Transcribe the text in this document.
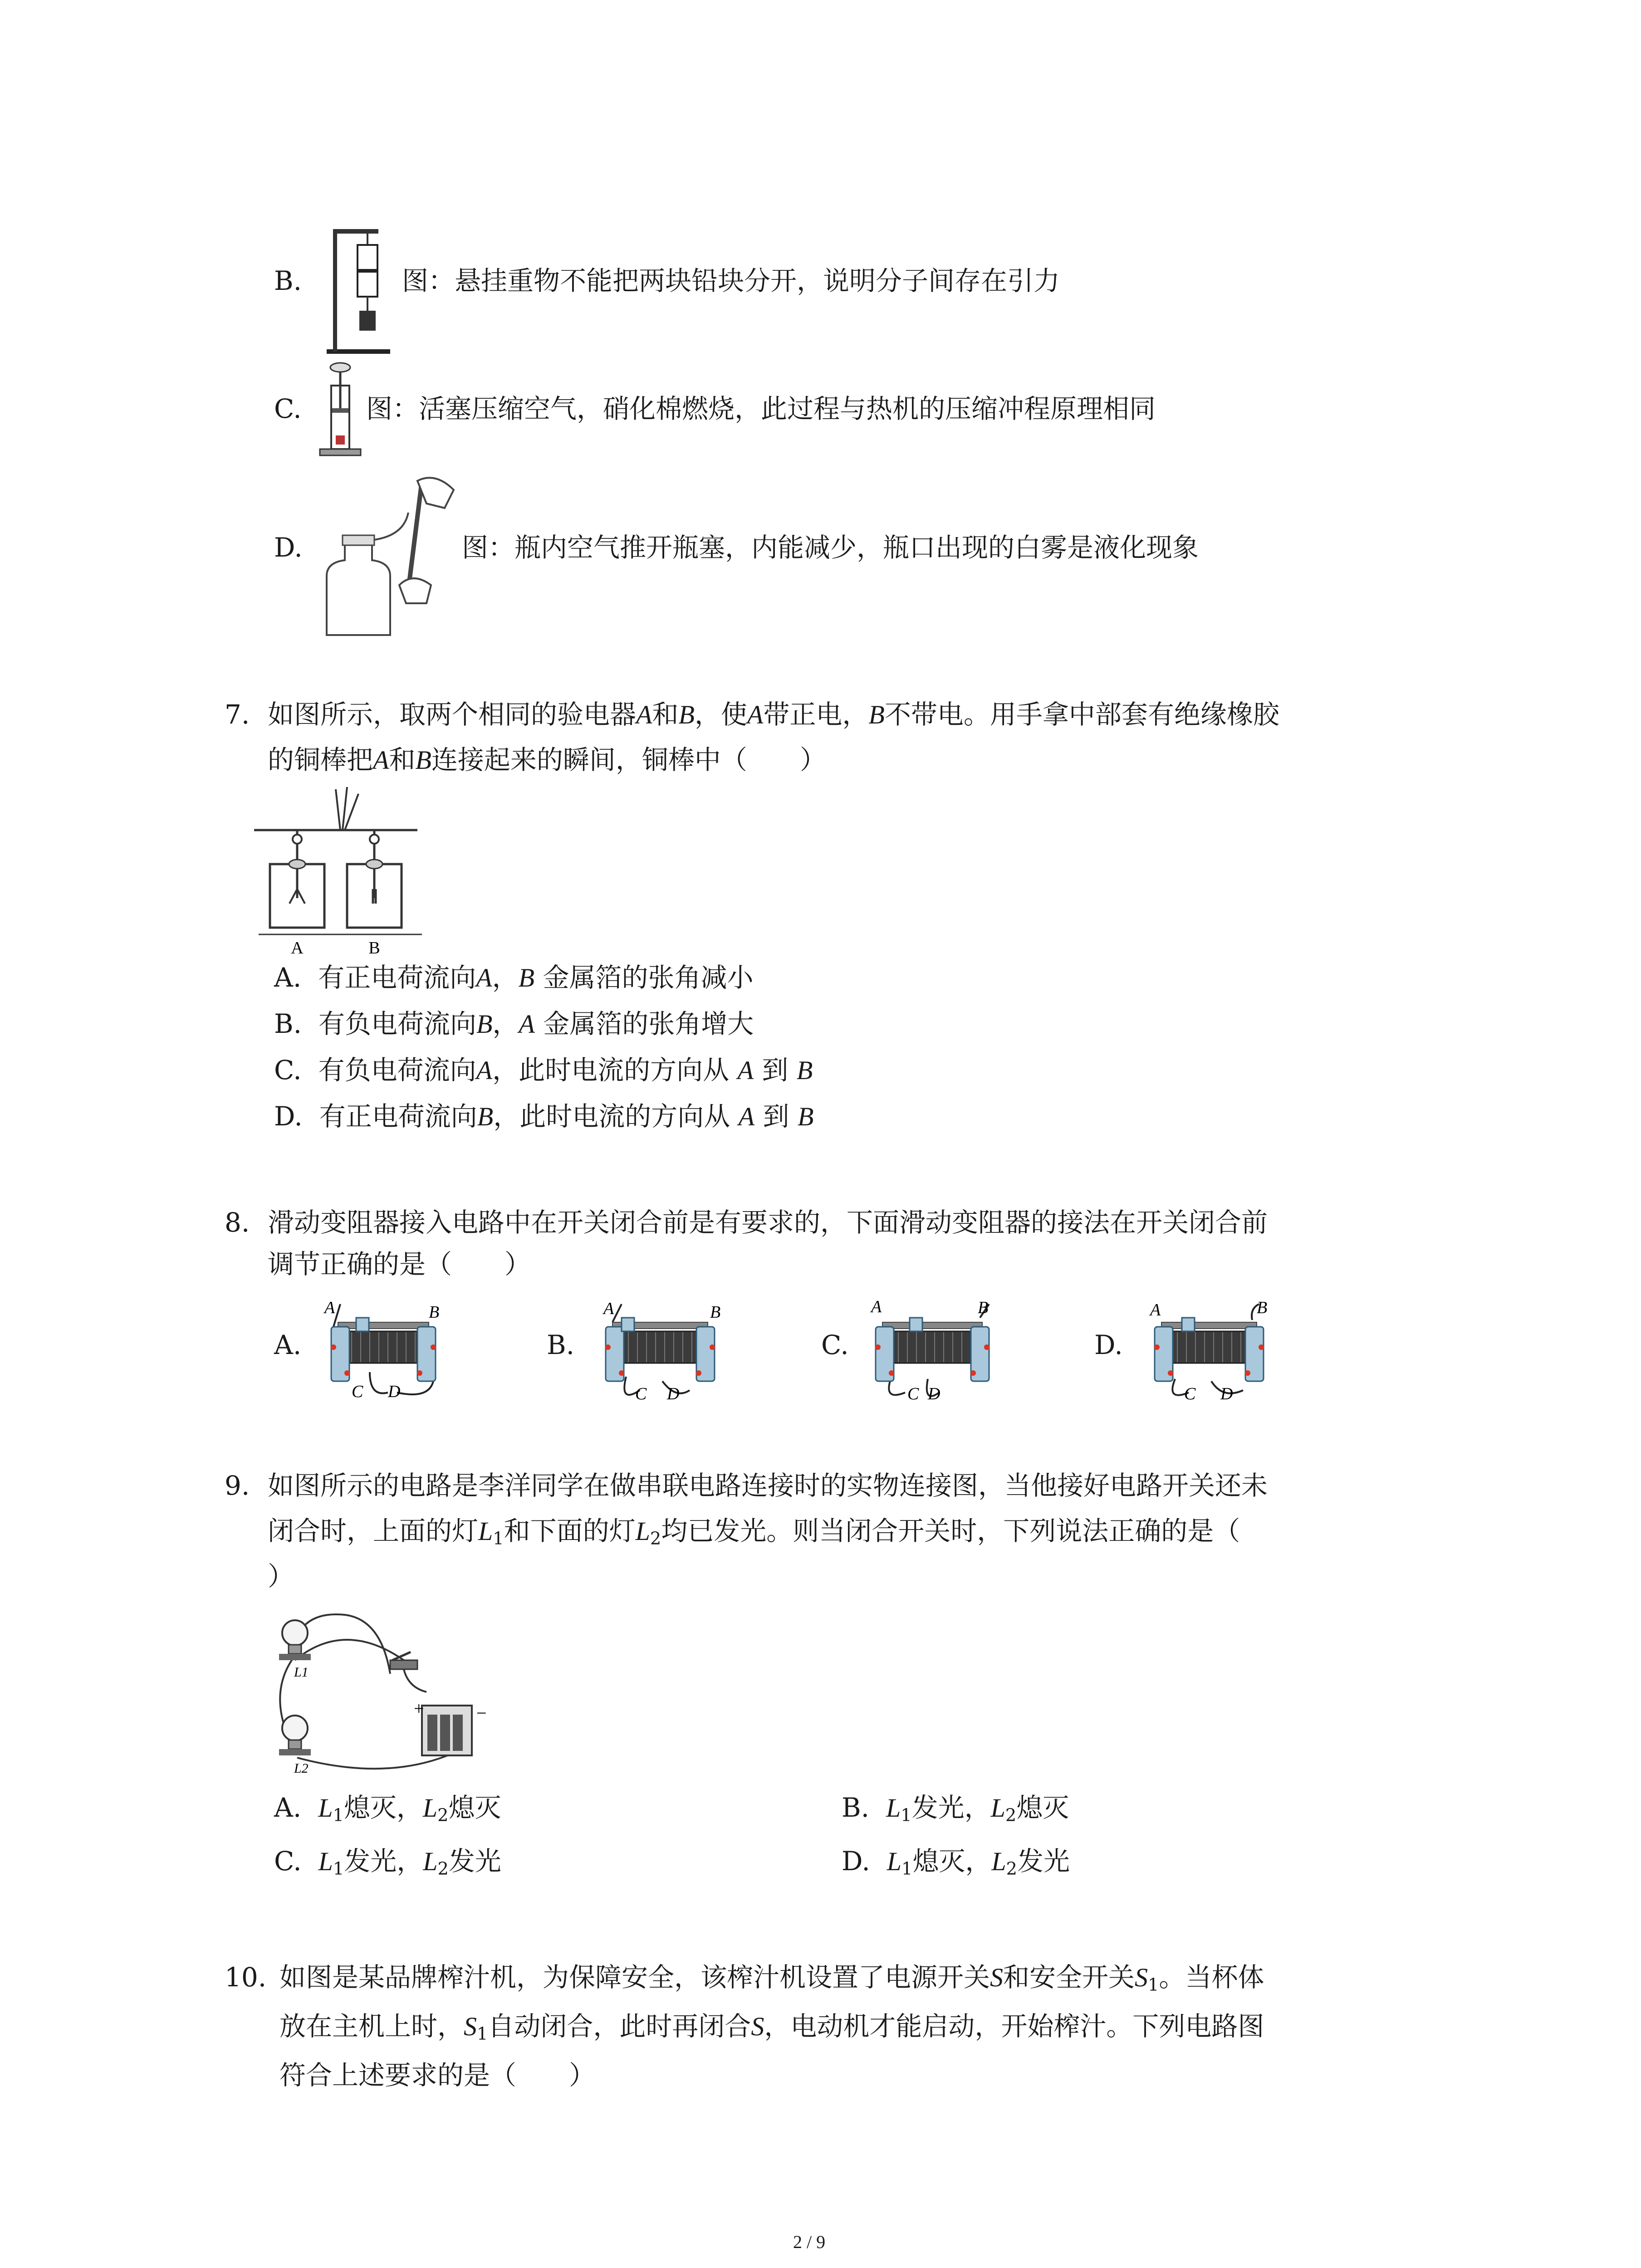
B.	图：悬挂重物不能把两块铅块分开，说明分子间存在引力
C. 图：活塞压缩空气，硝化棉燃烧，此过程与热机的压缩冲程原理相同
D.	图：瓶内空气推开瓶塞，内能减少，瓶口出现的白雾是液化现象
7. 如图所示，取两个相同的验电器A和B，使A带正电，B不带电。用手拿中部套有绝缘橡胶
的铜棒把A和B连接起来的瞬间，铜棒中（　　）
A	B
A. 有正电荷流向A，B 金属箔的张角减小
B. 有负电荷流向B，A 金属箔的张角增大
C. 有负电荷流向A，此时电流的方向从 A 到 B
D. 有正电荷流向B，此时电流的方向从 A 到 B
8. 滑动变阻器接入电路中在开关闭合前是有要求的，下面滑动变阻器的接法在开关闭合前
调节正确的是（　　）
A.
A	B
C D
B.
A	B
C D
C.
A	B
C D
D.
A	B
C D
9. 如图所示的电路是李洋同学在做串联电路连接时的实物连接图，当他接好电路开关还未
闭合时，上面的灯$L_1$和下面的灯$L_2$均已发光。则当闭合开关时，下列说法正确的是（
）
L1
L2
+	−
A. $L_1$熄灭，$L_2$熄灭	B. $L_1$发光，$L_2$熄灭
C. $L_1$发光，$L_2$发光	D. $L_1$熄灭，$L_2$发光
10. 如图是某品牌榨汁机，为保障安全，该榨汁机设置了电源开关S和安全开关$S_1$。当杯体
放在主机上时，$S_1$自动闭合，此时再闭合S，电动机才能启动，开始榨汁。下列电路图
符合上述要求的是（　　）
2 / 9
